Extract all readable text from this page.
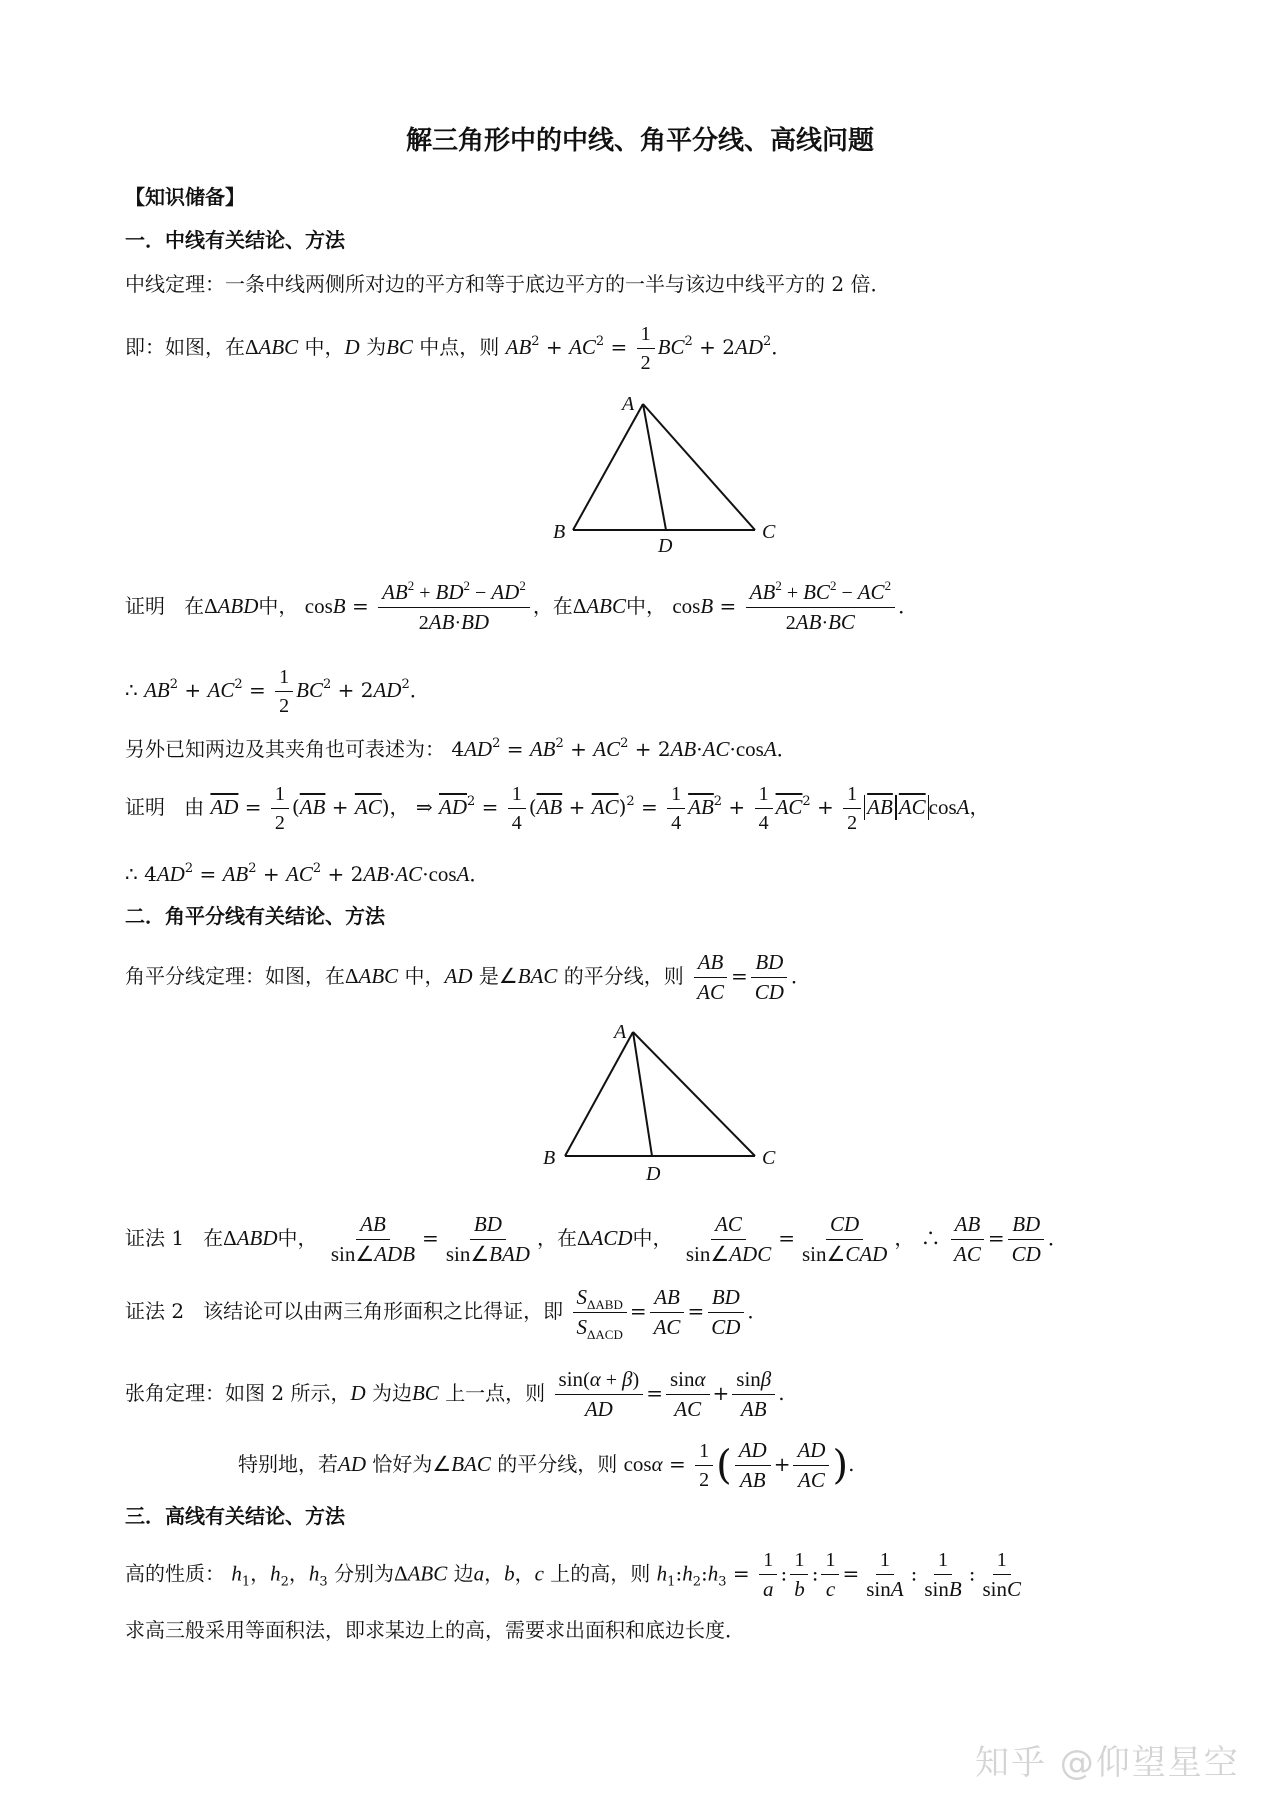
解三角形中的中线、角平分线、高线问题
【知识储备】
一．中线有关结论、方法
中线定理：一条中线两侧所对边的平方和等于底边平方的一半与该边中线平方的 2 倍．
即：如图，在ΔABC 中，D 为BC 中点，则 $AB^2 + AC^2 = \frac{1}{2} BC^2 + 2AD^2$．
A
B	C
D
证明 在ΔABD中， $\cos B = \frac{AB^2 + BD^2 - AD^2}{2AB\cdot BD}$ ，在ΔABC中， $\cos B = \frac{AB^2 + BC^2 - AC^2}{2AB\cdot BC}$ ．
∴ $AB^2 + AC^2 = \frac{1}{2} BC^2 + 2AD^2$．
另外已知两边及其夹角也可表述为： $4AD^2 = AB^2 + AC^2 + 2AB\cdot AC\cdot\cos A$．
证明 由 $\overline{AD} = \frac{1}{2} (\overline{AB} + \overline{AC})$， ⇒ $\overline{AD}^2 = \frac{1}{4} (\overline{AB} + \overline{AC})^2 = \frac{1}{4} \overline{AB}^2 + \frac{1}{4} \overline{AC}^2 + \frac{1}{2} \overline{AB}$ $\overline{AC}$ cosA，
∴ $4AD^2 = AB^2 + AC^2 + 2AB\cdot AC\cdot\cos A$．
二．角平分线有关结论、方法
角平分线定理：如图，在ΔABC 中，AD 是∠BAC 的平分线，则 $\frac{AB}{AC} = \frac{BD}{CD}$ ．
A
B	C
D
证法 1 在ΔABD中， $\frac{AB}{\text{sin∠ADB}} = \frac{BD}{\text{sin∠BAD}}$ ，在ΔACD中， $\frac{AC}{\text{sin∠ADC}} = \frac{CD}{\text{sin∠CAD}}$ ， ∴ $\frac{AB}{AC} = \frac{BD}{CD}$ ．
证法 2 该结论可以由两三角形面积之比得证，即 $\frac{S_{\Delta ABD}}{S_{\Delta ACD}} = \frac{AB}{AC} = \frac{BD}{CD}$ ．
张角定理：如图 2 所示，D 为边BC 上一点，则 $\frac{\sin(\alpha + \beta)}{AD} = \frac{\sin\alpha}{AC} + \frac{\sin\beta}{AB}$ .
特别地，若AD 恰好为∠BAC 的平分线，则 $\cos\alpha = \frac{1}{2}$ ( $\frac{AD}{AB} + \frac{AD}{AC}$ ).
三．高线有关结论、方法
高的性质： $h_1$，$h_2$，$h_3$ 分别为ΔABC 边a，b，c 上的高，则 $h_1:h_2:h_3 = \frac{1}{a}$ : $\frac{1}{b}$ : $\frac{1}{c} = \frac{1}{\sin A}$ : $\frac{1}{\sin B}$ : $\frac{1}{\sin C}$
求高三般采用等面积法，即求某边上的高，需要求出面积和底边长度．
知乎 @仰望星空
